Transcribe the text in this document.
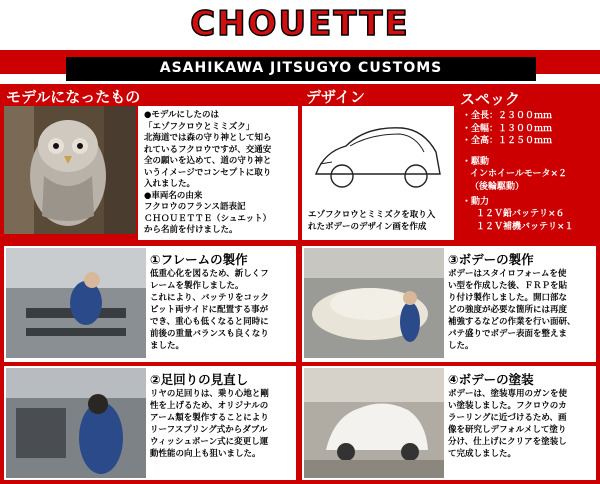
CHOUETTE
ASAHIKAWA JITSUGYO CUSTOMS
モデルになったもの
●モデルにしたのは
「エゾフクロウとミミズク」
北海道では森の守り神として知ら
れているフクロウですが、交通安
全の願いを込めて、道の守り神と
いうイメージでコンセプトに取り
入れました。
●車両名の由来
フクロウのフランス語表記
ＣＨＯＵＥＴＴＥ（シュエット）
から名前を付けました。
デザイン
エゾフクロウとミミズクを取り入
れたボデーのデザイン画を作成
スペック
・全長：２３００ｍｍ
・全幅：１３００ｍｍ
・全高：１２５０ｍｍ
・駆動
インホイールモータ×２
（後輪駆動）
・動力
１２Ｖ鉛バッテリ×６
１２Ｖ補機バッテリ×１
①フレームの製作
低重心化を図るため、新しくフ
レームを製作しました。
これにより、バッテリをコック
ピット両サイドに配置する事が
でき、重心も低くなると同時に
前後の重量バランスも良くなり
ました。
③ボデーの製作
ボデーはスタイロフォームを使
い型を作成した後、ＦＲＰを貼
り付け製作しました。開口部な
どの強度が必要な箇所には再度
補強するなどの作業を行い面研、
パテ盛りでボデー表面を整えま
した。
②足回りの見直し
リヤの足回りは、乗り心地と剛
性を上げるため、オリジナルの
アーム類を製作することにより
リーフスプリング式からダブル
ウィッシュボーン式に変更し運
動性能の向上も狙いました。
④ボデーの塗装
ボデーは、塗装専用のガンを使
い塗装しました。フクロウのカ
ラーリングに近づけるため、画
像を研究しデフォルメして塗り
分け、仕上げにクリアを塗装し
て完成しました。
